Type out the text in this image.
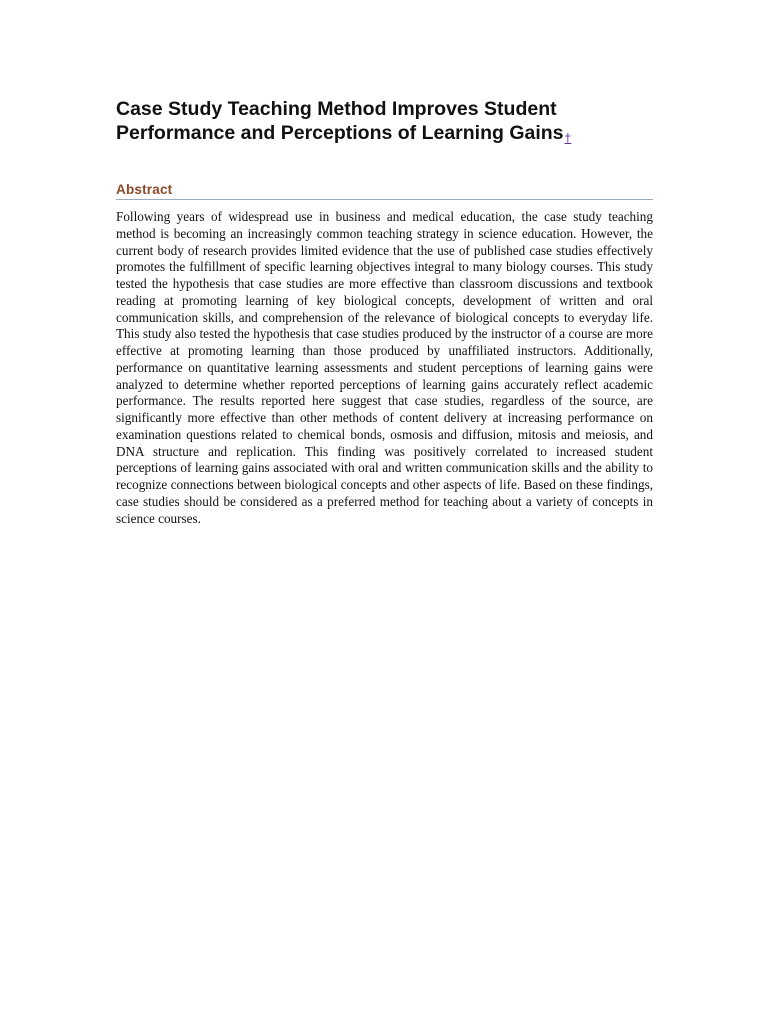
Case Study Teaching Method Improves Student Performance and Perceptions of Learning Gains†
Abstract

Following years of widespread use in business and medical education, the case study teaching method is becoming an increasingly common teaching strategy in science education. However, the current body of research provides limited evidence that the use of published case studies effectively promotes the fulfillment of specific learning objectives integral to many biology courses. This study tested the hypothesis that case studies are more effective than classroom discussions and textbook reading at promoting learning of key biological concepts, development of written and oral communication skills, and comprehension of the relevance of biological concepts to everyday life. This study also tested the hypothesis that case studies produced by the instructor of a course are more effective at promoting learning than those produced by unaffiliated instructors. Additionally, performance on quantitative learning assessments and student perceptions of learning gains were analyzed to determine whether reported perceptions of learning gains accurately reflect academic performance. The results reported here suggest that case studies, regardless of the source, are significantly more effective than other methods of content delivery at increasing performance on examination questions related to chemical bonds, osmosis and diffusion, mitosis and meiosis, and DNA structure and replication. This finding was positively correlated to increased student perceptions of learning gains associated with oral and written communication skills and the ability to recognize connections between biological concepts and other aspects of life. Based on these findings, case studies should be considered as a preferred method for teaching about a variety of concepts in science courses.
